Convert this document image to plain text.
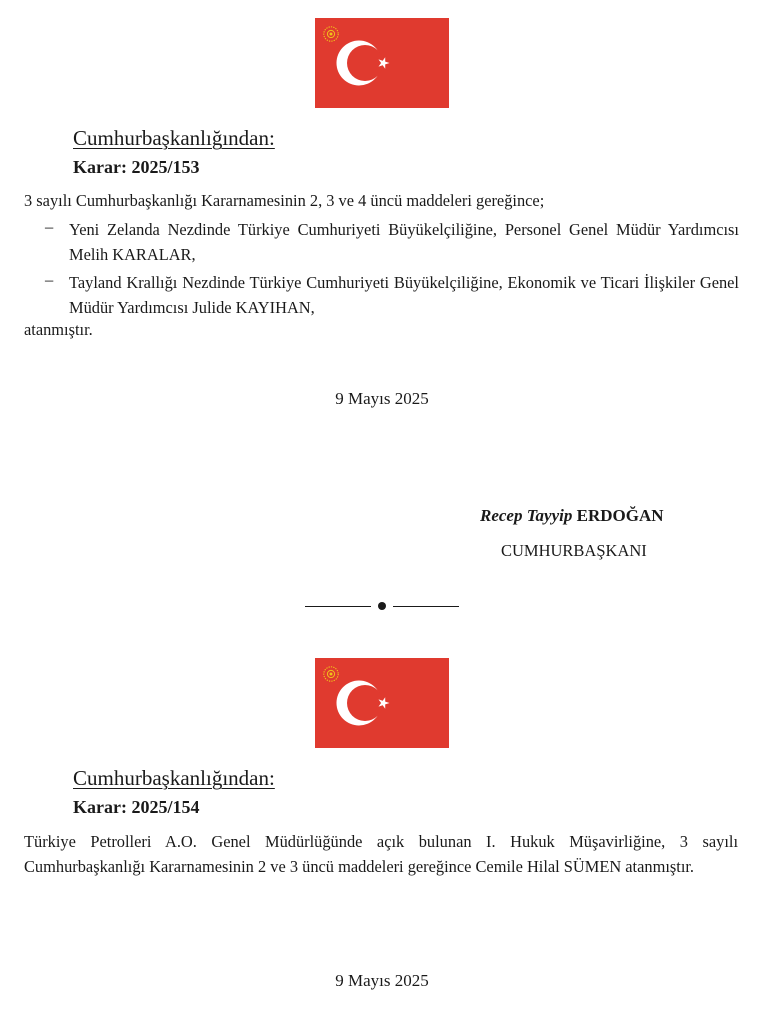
Cumhurbaşkanlığından:
Karar: 2025/153
3 sayılı Cumhurbaşkanlığı Kararnamesinin 2, 3 ve 4 üncü maddeleri gereğince;
– Yeni Zelanda Nezdinde Türkiye Cumhuriyeti Büyükelçiliğine, Personel Genel Müdür Yardımcısı Melih KARALAR,
– Tayland Krallığı Nezdinde Türkiye Cumhuriyeti Büyükelçiliğine, Ekonomik ve Ticari İlişkiler Genel Müdür Yardımcısı Julide KAYIHAN,
atanmıştır.
9 Mayıs 2025
Recep Tayyip ERDOĞAN
CUMHURBAŞKANI
Cumhurbaşkanlığından:
Karar: 2025/154
Türkiye Petrolleri A.O. Genel Müdürlüğünde açık bulunan I. Hukuk Müşavirliğine, 3 sayılı Cumhurbaşkanlığı Kararnamesinin 2 ve 3 üncü maddeleri gereğince Cemile Hilal SÜMEN atanmıştır.
9 Mayıs 2025
